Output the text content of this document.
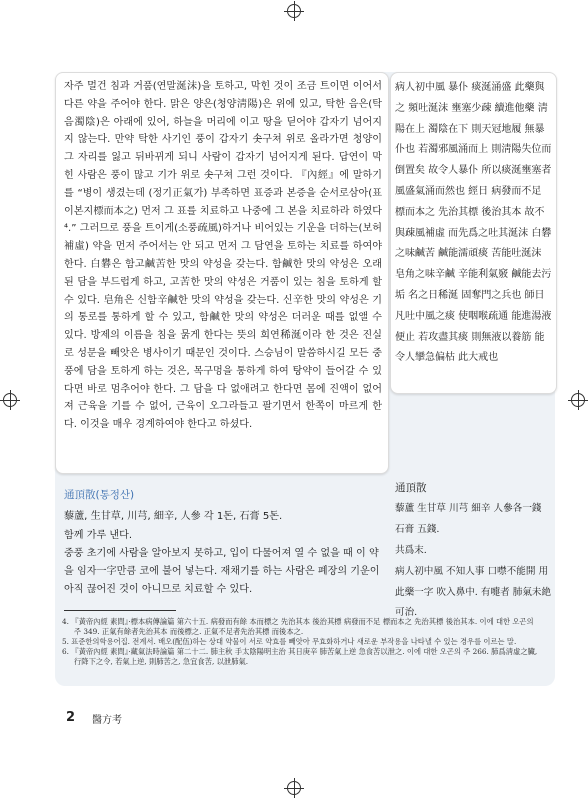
자주 멀건 침과 거품(연말涎沫)을 토하고, 막힌 것이 조금 트이면 이어서 다른 약을 주어야 한다. 맑은 양은(청양淸陽)은 위에 있고, 탁한 음은(탁음濁陰)은 아래에 있어, 하늘을 머리에 이고 땅을 딛어야 갑자기 넘어지지 않는다. 만약 탁한 사기인 풍이 갑자기 솟구쳐 위로 올라가면 청양이 그 자리를 잃고 뒤바뀌게 되니 사람이 갑자기 넘어지게 된다. 답연이 막힌 사람은 풍이 많고 기가 위로 솟구쳐 그런 것이다. 『內經』에 말하기를 “병이 생겼는데 (정기正氣가) 부족하면 표증과 본증을 순서로삼아(표이본지標而本之) 먼저 그 표를 치료하고 나중에 그 본을 치료하라 하였다⁴.” 그러므로 풍을 트이게(소풍疏風)하거나 비어있는 기운을 더하는(보허補虛) 약을 먼저 주어서는 안 되고 먼저 그 담연을 토하는 치료를 하여야 한다. 白礬은 함고鹹苦한 맛의 약성을 갖는다. 함鹹한 맛의 약성은 오래된 담을 부드럽게 하고, 고苦한 맛의 약성은 거품이 있는 침을 토하게 할 수 있다. 皂角은 신함辛鹹한 맛의 약성을 갖는다. 신辛한 맛의 약성은 기의 통로를 통하게 할 수 있고, 함鹹한 맛의 약성은 더러운 때를 없앨 수 있다. 방제의 이름을 침을 묽게 한다는 뜻의 희연稀涎이라 한 것은 진실로 성문을 빼앗은 병사이기 때문인 것이다. 스승님이 말씀하시길 모든 중풍에 담을 토하게 하는 것은, 목구멍을 통하게 하여 탕약이 들어갈 수 있다면 바로 멈추어야 한다. 그 담을 다 없애려고 한다면 몸에 진액이 없어져 근육을 기를 수 없어, 근육이 오그라들고 팔기면서 한쪽이 마르게 한다. 이것을 매우 경계하여야 한다고 하셨다.

病人初中風 暴仆 痰涎涌盛 此藥與之 頻吐涎沫 壅塞少疎 續進他藥 淸陽在上 濁陰在下 則天冠地履 無暴仆也 若濁邪風涌而上 則淸陽失位而倒置矣 故令人暴仆 所以痰涎壅塞者 風盛氣涌而然也 經日 病發而不足 標而本之 先治其標 後治其本 故不與疎風補虛 而先爲之吐其涎沫 白礬之味鹹苦 鹹能濡頑痰 苦能吐涎沫 皂角之味辛鹹 辛能利氣竅 鹹能去污垢 名之日稀涎 固奪門之兵也 師日 凡吐中風之痰 使咽喉疏通 能進湯液便止 若攻盡其痰 則無液以養筋 能令人攣急偏枯 此大戒也
通頂散(통정산)

藜蘆, 生甘草, 川芎, 細辛, 人參 각 1돈, 石膏 5돈.

함께 가루 낸다.

중풍 초기에 사람을 알아보지 못하고, 입이 다물어져 열 수 없을 때 이 약을 임자一字만큼 코에 불어 넣는다. 재채기를 하는 사람은 폐장의 기운이 아직 끊어진 것이 아니므로 치료할 수 있다.

通頂散
藜蘆 生甘草 川芎 細辛 人參各一錢 石膏 五錢.
共爲末.
病人初中風 不知人事 口噤不能開 用此藥一字 吹入鼻中. 有嚏者 肺氣未絶 可治.

4. 『黃帝內經 素問』·標本病傳論篇 第六十五. 病發而有餘 本而標之 先治其本 後治其標 病發而不足 標而本之 先治其標 後治其本. 이에 대한 오곤의 주 349. 正氣有餘者先治其本 而後標之. 正氣不足者先治其標 而後本之.

5. 표준한의학용어집. 전계서. 배오(配伍)하는 상대 약물이 서로 약효를 빼앗아 무효화하거나 새로운 부작용을 나타낼 수 있는 경우를 이르는 말.

6. 『黃帝內經 素問』·藏氣法時論篇 第二十二. 肺主秋 手太陰陽明主治 其日庚辛 肺苦氣上逆 急食苦以泄之. 이에 대한 오곤의 주 266. 肺爲淸虛之臟, 行降下之令, 若氣上逆, 則肺苦之, 急宜食苦, 以泄肺氣.

2 醫方考
